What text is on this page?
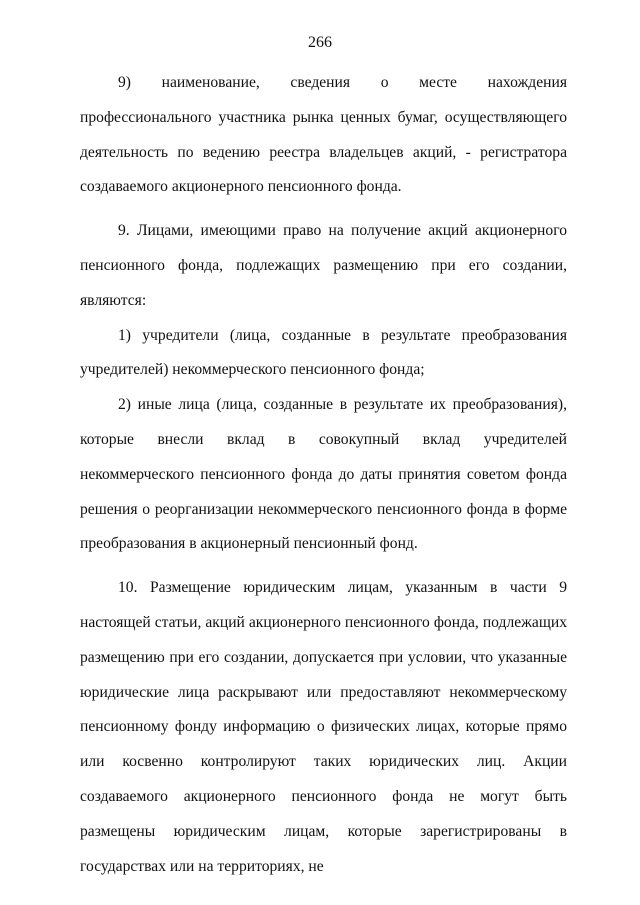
266

9) наименование, сведения о месте нахождения профессионального участника рынка ценных бумаг, осуществляющего деятельность по ведению реестра владельцев акций, - регистратора создаваемого акционерного пенсионного фонда.

9. Лицами, имеющими право на получение акций акционерного пенсионного фонда, подлежащих размещению при его создании, являются:

1) учредители (лица, созданные в результате преобразования учредителей) некоммерческого пенсионного фонда;

2) иные лица (лица, созданные в результате их преобразования), которые внесли вклад в совокупный вклад учредителей некоммерческого пенсионного фонда до даты принятия советом фонда решения о реорганизации некоммерческого пенсионного фонда в форме преобразования в акционерный пенсионный фонд.

10. Размещение юридическим лицам, указанным в части 9 настоящей статьи, акций акционерного пенсионного фонда, подлежащих размещению при его создании, допускается при условии, что указанные юридические лица раскрывают или предоставляют некоммерческому пенсионному фонду информацию о физических лицах, которые прямо или косвенно контролируют таких юридических лиц. Акции создаваемого акционерного пенсионного фонда не могут быть размещены юридическим лицам, которые зарегистрированы в государствах или на территориях, не
